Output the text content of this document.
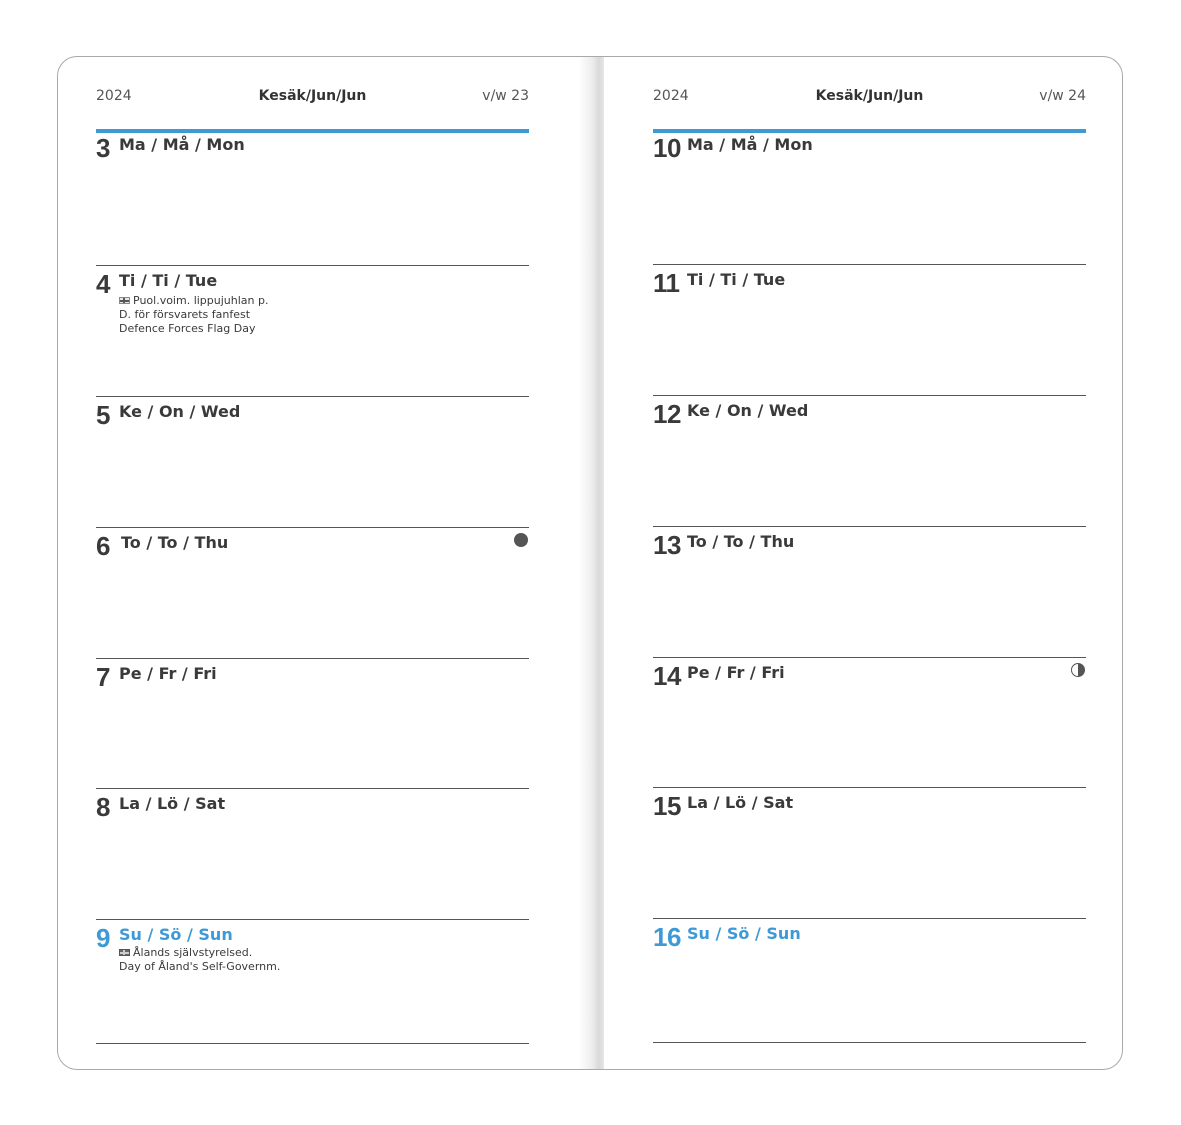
2024	Kesäk/Jun/Jun	v/w 23
3 Ma / Må / Mon
4 Ti / Ti / Tue
Puol.voim. lippujuhlan p.
D. för försvarets fanfest
Defence Forces Flag Day
5 Ke / On / Wed
6 To / To / Thu
7 Pe / Fr / Fri
8 La / Lö / Sat
9 Su / Sö / Sun
Ålands självstyrelsed.
Day of Åland's Self-Governm.
2024	Kesäk/Jun/Jun	v/w 24
10 Ma / Må / Mon
11 Ti / Ti / Tue
12 Ke / On / Wed
13 To / To / Thu
14 Pe / Fr / Fri
15 La / Lö / Sat
16 Su / Sö / Sun
